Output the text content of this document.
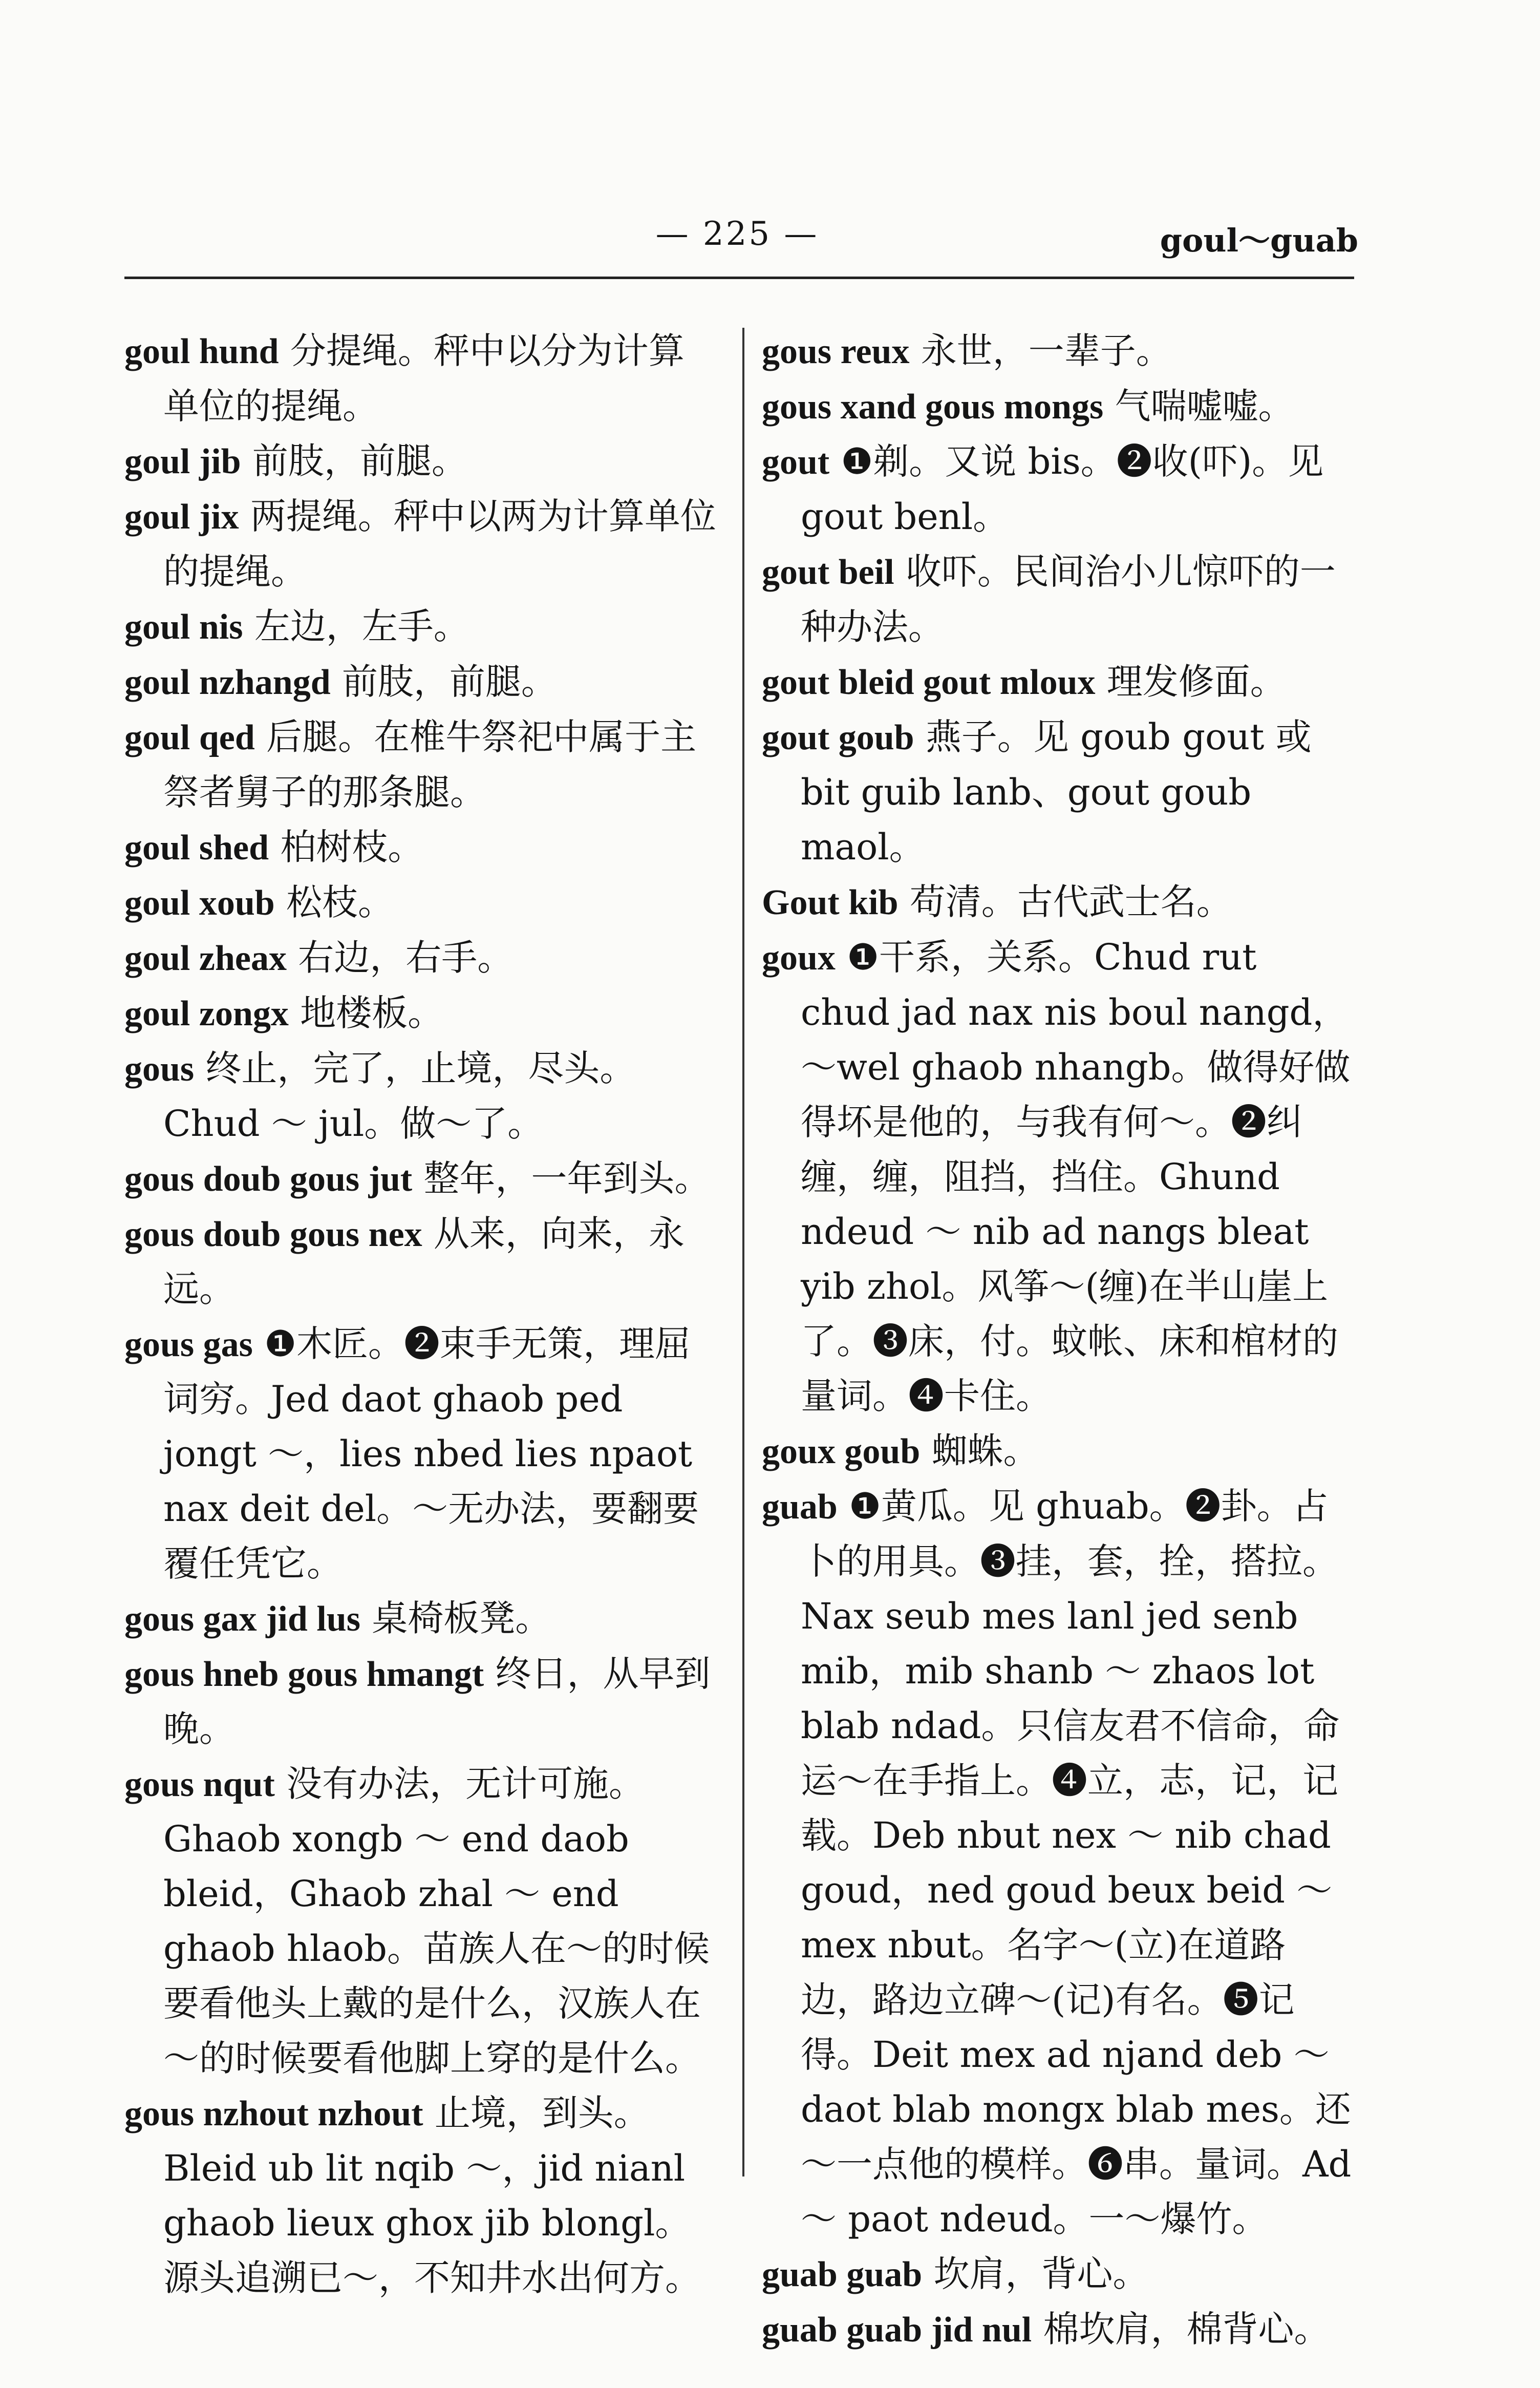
— 225 —	goul～guab
goul hund 分提绳。秤中以分为计算单位的提绳。
goul jib 前肢，前腿。
goul jix 两提绳。秤中以两为计算单位的提绳。
goul nis 左边，左手。
goul nzhangd 前肢，前腿。
goul qed 后腿。在椎牛祭祀中属于主祭者舅子的那条腿。
goul shed 柏树枝。
goul xoub 松枝。
goul zheax 右边，右手。
goul zongx 地楼板。
gous 终止，完了，止境，尽头。Chud ～ jul。做～了。
gous doub gous jut 整年，一年到头。
gous doub gous nex 从来，向来，永远。
gous gas ❶木匠。❷束手无策，理屈词穷。Jed daot ghaob ped jongt ～，lies nbed lies npaot nax deit del。～无办法，要翻要覆任凭它。
gous gax jid lus 桌椅板凳。
gous hneb gous hmangt 终日，从早到晚。
gous nqut 没有办法，无计可施。Ghaob xongb ～ end daob bleid，Ghaob zhal ～ end ghaob hlaob。苗族人在～的时候要看他头上戴的是什么，汉族人在～的时候要看他脚上穿的是什么。
gous nzhout nzhout 止境，到头。Bleid ub lit nqib ～，jid nianl ghaob lieux ghox jib blongl。源头追溯已～，不知井水出何方。
gous reux 永世，一辈子。
gous xand gous mongs 气喘嘘嘘。
gout ❶剃。又说 bis。❷收(吓)。见 gout benl。
gout beil 收吓。民间治小儿惊吓的一种办法。
gout bleid gout mloux 理发修面。
gout goub 燕子。见 goub gout 或 bit guib lanb、gout goub maol。
Gout kib 苟清。古代武士名。
goux ❶干系，关系。Chud rut chud jad nax nis boul nangd，～wel ghaob nhangb。做得好做得坏是他的，与我有何～。❷纠缠，缠，阻挡，挡住。Ghund ndeud ～ nib ad nangs bleat yib zhol。风筝～(缠)在半山崖上了。❸床，付。蚊帐、床和棺材的量词。❹卡住。
goux goub 蜘蛛。
guab ❶黄瓜。见 ghuab。❷卦。占卜的用具。❸挂，套，拴，搭拉。Nax seub mes lanl jed senb mib，mib shanb ～ zhaos lot blab ndad。只信友君不信命，命运～在手指上。❹立，志，记，记载。Deb nbut nex ～ nib chad goud，ned goud beux beid ～ mex nbut。名字～(立)在道路边，路边立碑～(记)有名。❺记得。Deit mex ad njand deb ～ daot blab mongx blab mes。还～一点他的模样。❻串。量词。Ad ～ paot ndeud。一～爆竹。
guab guab 坎肩，背心。
guab guab jid nul 棉坎肩，棉背心。
